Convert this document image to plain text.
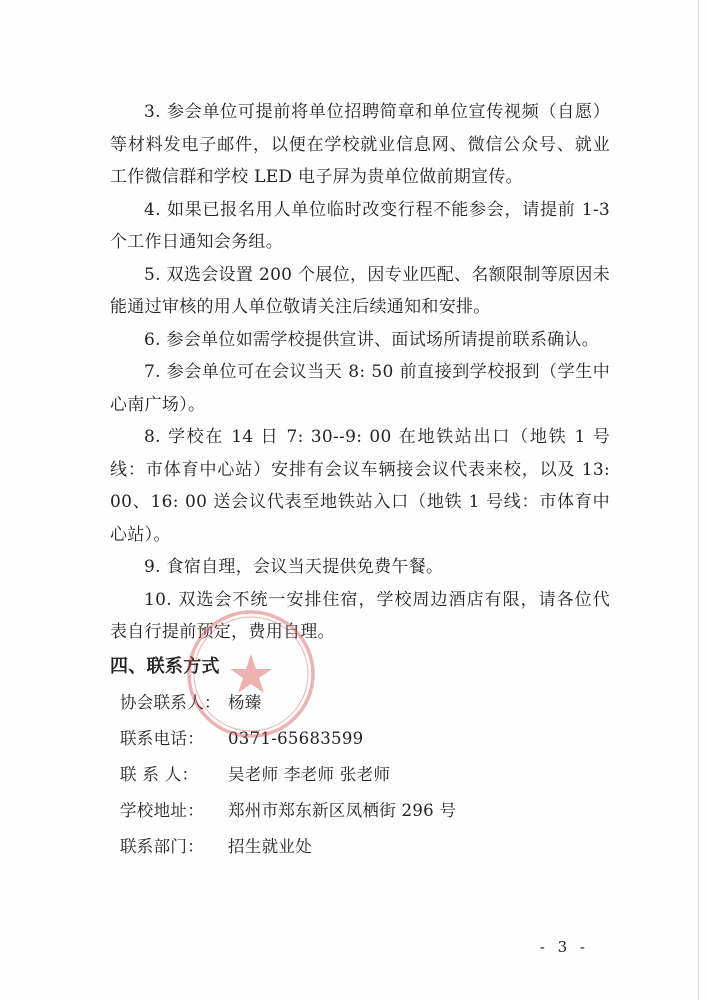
3. 参会单位可提前将单位招聘简章和单位宣传视频（自愿）等材料发电子邮件，以便在学校就业信息网、微信公众号、就业工作微信群和学校 LED 电子屏为贵单位做前期宣传。

4. 如果已报名用人单位临时改变行程不能参会，请提前 1-3 个工作日通知会务组。

5. 双选会设置 200 个展位，因专业匹配、名额限制等原因未能通过审核的用人单位敬请关注后续通知和安排。

6. 参会单位如需学校提供宣讲、面试场所请提前联系确认。

7. 参会单位可在会议当天 8: 50 前直接到学校报到（学生中心南广场）。

8. 学校在 14 日 7: 30--9: 00 在地铁站出口（地铁 1 号线：市体育中心站）安排有会议车辆接会议代表来校，以及 13: 00、16: 00 送会议代表至地铁站入口（地铁 1 号线：市体育中心站）。

9. 食宿自理，会议当天提供免费午餐。

10. 双选会不统一安排住宿，学校周边酒店有限，请各位代表自行提前预定，费用自理。

四、联系方式

协会联系人： 杨臻

联系电话： 0371-65683599

联 系 人： 吴老师 李老师 张老师

学校地址： 郑州市郑东新区凤栖街 296 号

联系部门： 招生就业处

- 3 -
